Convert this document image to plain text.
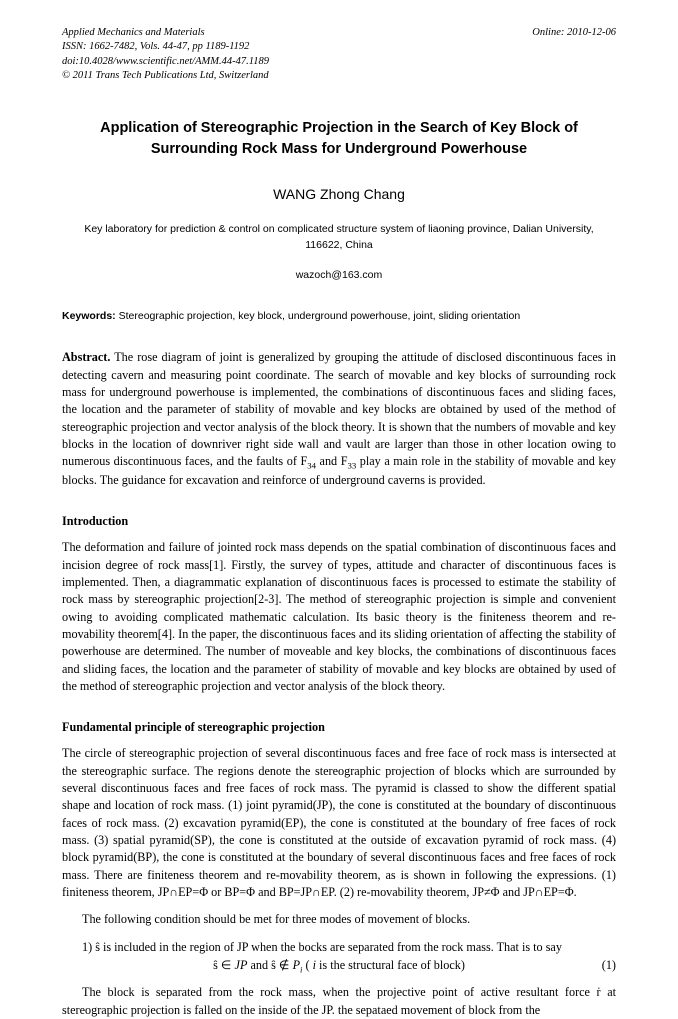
Applied Mechanics and Materials
ISSN: 1662-7482, Vols. 44-47, pp 1189-1192
doi:10.4028/www.scientific.net/AMM.44-47.1189
© 2011 Trans Tech Publications Ltd, Switzerland
Online: 2010-12-06
Application of Stereographic Projection in the Search of Key Block of Surrounding Rock Mass for Underground Powerhouse
WANG Zhong Chang
Key laboratory for prediction & control on complicated structure system of liaoning province, Dalian University, 116622, China
wazoch@163.com
Keywords: Stereographic projection, key block, underground powerhouse, joint, sliding orientation
Abstract. The rose diagram of joint is generalized by grouping the attitude of disclosed discontinuous faces in detecting cavern and measuring point coordinate. The search of movable and key blocks of surrounding rock mass for underground powerhouse is implemented, the combinations of discontinuous faces and sliding faces, the location and the parameter of stability of movable and key blocks are obtained by used of the method of stereographic projection and vector analysis of the block theory. It is shown that the numbers of movable and key blocks in the location of downriver right side wall and vault are larger than those in other location owing to numerous discontinuous faces, and the faults of $F_{34}$ and $F_{33}$ play a main role in the stability of movable and key blocks. The guidance for excavation and reinforce of underground caverns is provided.
Introduction

The deformation and failure of jointed rock mass depends on the spatial combination of discontinuous faces and incision degree of rock mass[1]. Firstly, the survey of types, attitude and character of discontinuous faces is implemented. Then, a diagrammatic explanation of discontinuous faces is processed to estimate the stability of rock mass by stereographic projection[2-3]. The method of stereographic projection is simple and convenient owing to avoiding complicated mathematic calculation. Its basic theory is the finiteness theorem and re-movability theorem[4]. In the paper, the discontinuous faces and its sliding orientation of affecting the stability of powerhouse are determined. The number of moveable and key blocks, the combinations of discontinuous faces and sliding faces, the location and the parameter of stability of movable and key blocks are obtained by used of the method of stereographic projection and vector analysis of the block theory.

Fundamental principle of stereographic projection

The circle of stereographic projection of several discontinuous faces and free face of rock mass is intersected at the stereographic surface. The regions denote the stereographic projection of blocks which are surrounded by several discontinuous faces and free faces of rock mass. The pyramid is classed to show the different spatial shape and location of rock mass. (1) joint pyramid(JP), the cone is constituted at the boundary of discontinuous faces of rock mass. (2) excavation pyramid(EP), the cone is constituted at the boundary of free faces of rock mass. (3) spatial pyramid(SP), the cone is constituted at the outside of excavation pyramid of rock mass. (4) block pyramid(BP), the cone is constituted at the boundary of several discontinuous faces and free faces of rock mass. There are finiteness theorem and re-movability theorem, as is shown in following the expressions. (1) finiteness theorem, JP∩EP=Φ or BP=Φ and BP=JP∩EP. (2) re-movability theorem, JP≠Φ and JP∩EP=Φ.

The following condition should be met for three modes of movement of blocks.

1) ŝ is included in the region of JP when the bocks are separated from the rock mass. That is to say

ŝ ∈ JP and ŝ ∉ $P_i$ ( i is the structural face of block)	(1)

The block is separated from the rock mass, when the projective point of active resultant force ṙ at stereographic projection is falled on the inside of the JP. the sepataed movement of block from the
